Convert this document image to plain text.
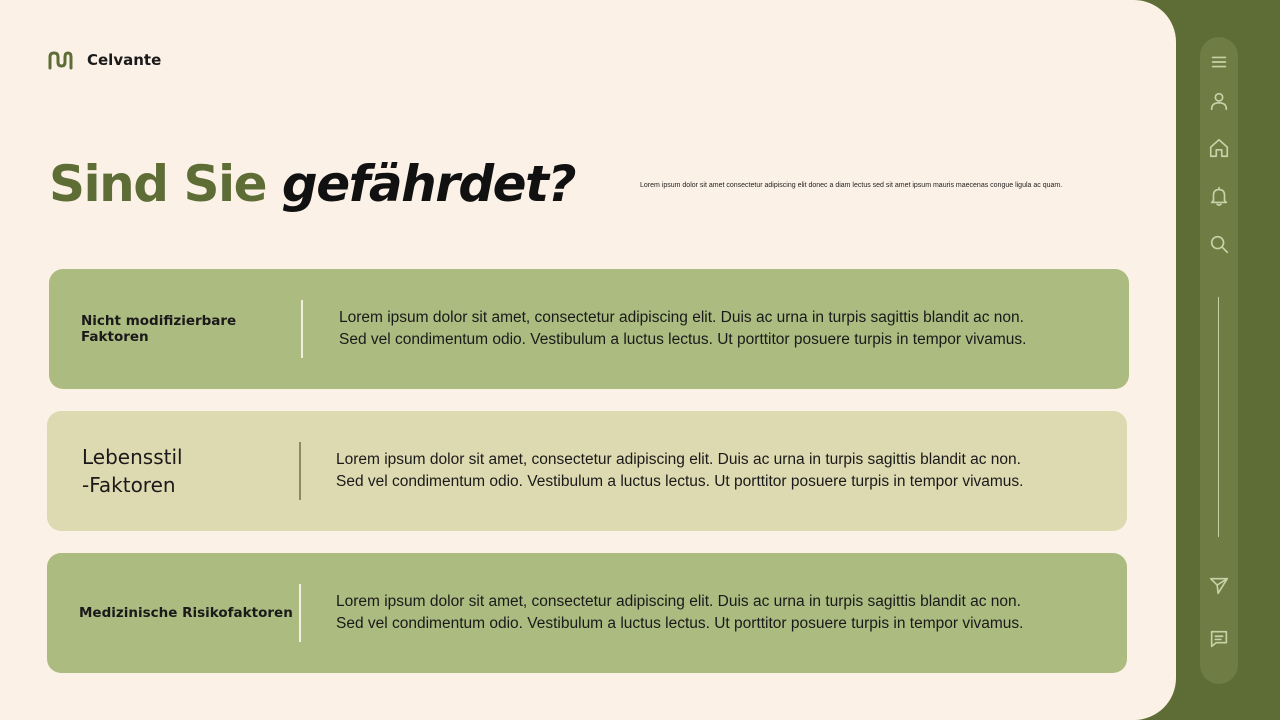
Celvante
Sind Sie gefährdet?	Lorem ipsum dolor sit amet consectetur adipiscing elit donec a diam lectus sed sit amet ipsum mauris maecenas congue ligula ac quam.
Nicht modifizierbare Faktoren
Lorem ipsum dolor sit amet, consectetur adipiscing elit. Duis ac urna in turpis sagittis blandit ac non.
Sed vel condimentum odio. Vestibulum a luctus lectus. Ut porttitor posuere turpis in tempor vivamus.
Lebensstil
-Faktoren
Lorem ipsum dolor sit amet, consectetur adipiscing elit. Duis ac urna in turpis sagittis blandit ac non.
Sed vel condimentum odio. Vestibulum a luctus lectus. Ut porttitor posuere turpis in tempor vivamus.
Medizinische Risikofaktoren
Lorem ipsum dolor sit amet, consectetur adipiscing elit. Duis ac urna in turpis sagittis blandit ac non.
Sed vel condimentum odio. Vestibulum a luctus lectus. Ut porttitor posuere turpis in tempor vivamus.
